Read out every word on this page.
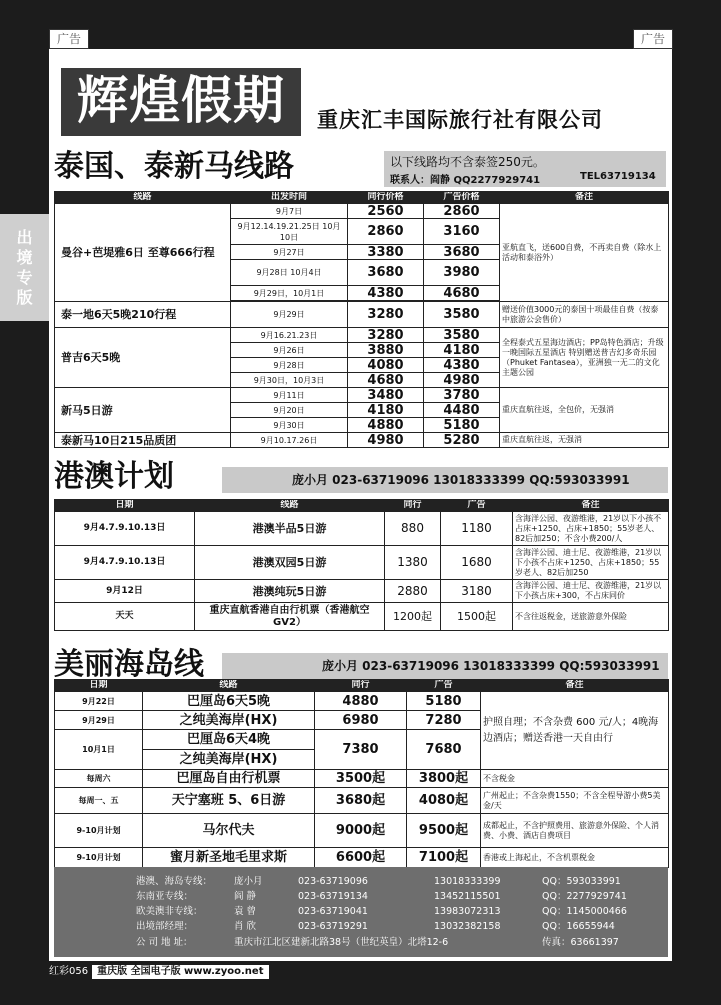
广告	广告
出境专版
辉煌假期	重庆汇丰国际旅行社有限公司
泰国、泰新马线路	以下线路均不含泰签250元。
联系人：阎静 QQ2277929741	TEL63719134
线路	出发时间	同行价格	广告价格	备注
曼谷+芭堤雅6日 至尊666行程	9月7日	2560	2860	亚航直飞，送600自费，不再卖自费（除水上活动和泰浴外）
	9月12.14.19.21.25日 10月10日	2860	3160	
	9月27日	3380	3680	
	9月28日 10月4日	3680	3980	
	9月29日，10月1日	4380	4680	

泰一地6天5晚210行程	9月29日	3280	3580	赠送价值3000元的泰国十项最佳自费（按泰中旅游公会售价）
普吉6天5晚	9月16.21.23日	3280	3580	全程泰式五星海边酒店；PP岛特色酒店；升级一晚国际五星酒店 特别赠送普吉幻多奇乐园（Phuket Fantasea），亚洲独一无二的文化主题公园
	9月26日	3880	4180	
	9月28日	4080	4380	
	9月30日，10月3日	4680	4980	
新马5日游	9月11日	3480	3780	重庆直航往返，全包价，无强消
	9月20日	4180	4480	
	9月30日	4880	5180	
泰新马10日215品质团	9月10.17.26日	4980	5280	重庆直航往返，无强消
港澳计划	庞小月 023-63719096 13018333399 QQ:593033991
日期	线路	同行	广告	备注
9月4.7.9.10.13日	港澳半品5日游	880	1180	含海洋公园、夜游维港，21岁以下小孩不占床+1250、占床+1850；55岁老人、82后加250；不含小费200/人
9月4.7.9.10.13日	港澳双园5日游	1380	1680	含海洋公园、迪士尼、夜游维港，21岁以下小孩不占床+1250、占床+1850；55岁老人、82后加250
9月12日	港澳纯玩5日游	2880	3180	含海洋公园、迪士尼、夜游维港，21岁以下小孩占床+300，不占床同价
天天	重庆直航香港自由行机票（香港航空GV2）	1200起	1500起	不含往返税金，送旅游意外保险
美丽海岛线	庞小月 023-63719096 13018333399 QQ:593033991
日期	线路	同行	广告	备注
9月22日	巴厘岛6天5晚	4880	5180	护照自理；不含杂费 600 元/人；4晚海边酒店；赠送香港一天自由行
9月29日	之纯美海岸(HX)	6980	7280	
10月1日	巴厘岛6天4晚	7380	7680	
	之纯美海岸(HX)			
每周六	巴厘岛自由行机票	3500起	3800起	不含税金
每周一、五	天宁塞班 5、6日游	3680起	4080起	广州起止；不含杂费1550；不含全程导游小费5美金/天
9-10月计划	马尔代夫	9000起	9500起	成都起止，不含护照费用、旅游意外保险、个人消费、小费、酒店自费项目
9-10月计划	蜜月新圣地毛里求斯	6600起	7100起	香港或上海起止，不含机票税金
港澳、海岛专线： 庞小月	023-63719096	13018333399	QQ：593033991
东南亚专线：	阎 静	023-63719134	13452115501	QQ：2277929741
欧美澳非专线：	袁 曾	023-63719041	13983072313	QQ：1145000466
出境部经理：	肖 欣	023-63719291	13032382158	QQ：16655944
公 司 地 址：	重庆市江北区建新北路38号（世纪英皇）北塔12-6	传真：63661397
红彩056 重庆版 全国电子版 www.zyoo.net
